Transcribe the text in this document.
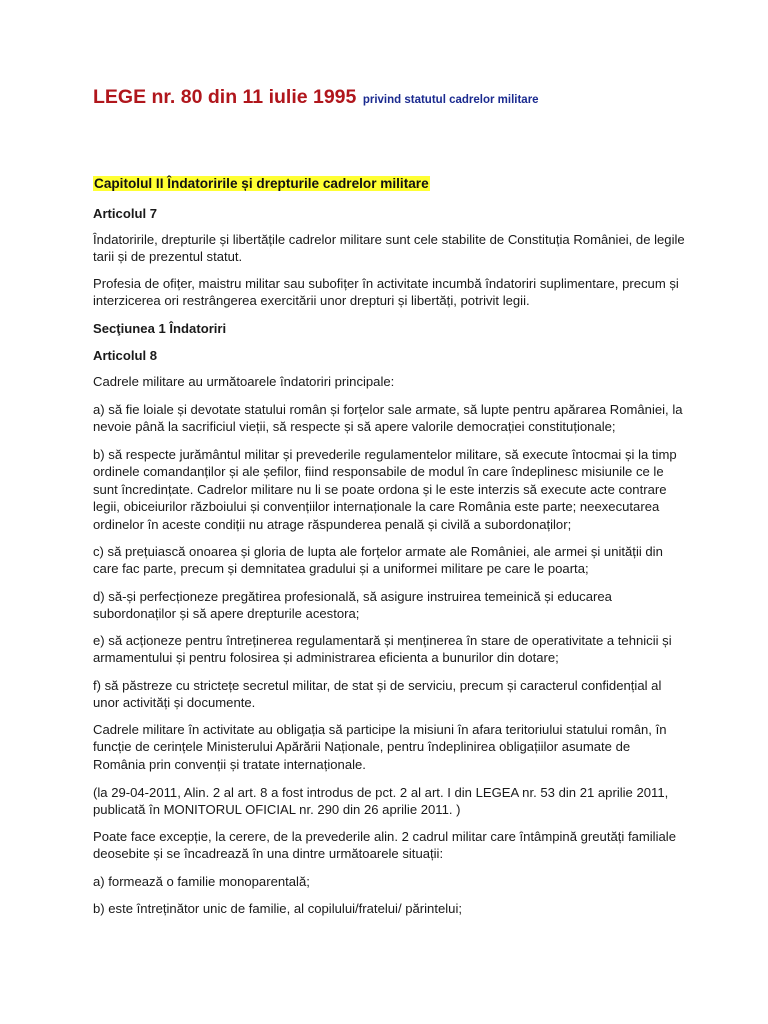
LEGE nr. 80 din 11 iulie 1995 privind statutul cadrelor militare
Capitolul II Îndatoririle și drepturile cadrelor militare

Articolul 7

Îndatoririle, drepturile și libertățile cadrelor militare sunt cele stabilite de Constituția României, de legile tarii și de prezentul statut.

Profesia de ofițer, maistru militar sau subofițer în activitate incumbă îndatoriri suplimentare, precum și interzicerea ori restrângerea exercitării unor drepturi și libertăți, potrivit legii.

Secţiunea 1 Îndatoriri

Articolul 8

Cadrele militare au următoarele îndatoriri principale:

a) să fie loiale și devotate statului român și forțelor sale armate, să lupte pentru apărarea României, la nevoie până la sacrificiul vieții, să respecte și să apere valorile democrației constituționale;

b) să respecte jurământul militar și prevederile regulamentelor militare, să execute întocmai și la timp ordinele comandanților și ale șefilor, fiind responsabile de modul în care îndeplinesc misiunile ce le sunt încredințate. Cadrelor militare nu li se poate ordona și le este interzis să execute acte contrare legii, obiceiurilor războiului și convențiilor internaționale la care România este parte; neexecutarea ordinelor în aceste condiții nu atrage răspunderea penală și civilă a subordonaților;

c) să prețuiască onoarea și gloria de lupta ale forțelor armate ale României, ale armei și unității din care fac parte, precum și demnitatea gradului și a uniformei militare pe care le poarta;

d) să-și perfecționeze pregătirea profesională, să asigure instruirea temeinică și educarea subordonaților și să apere drepturile acestora;

e) să acționeze pentru întreținerea regulamentară și menținerea în stare de operativitate a tehnicii și armamentului și pentru folosirea și administrarea eficienta a bunurilor din dotare;

f) să păstreze cu strictețe secretul militar, de stat și de serviciu, precum și caracterul confidențial al unor activități și documente.

Cadrele militare în activitate au obligația să participe la misiuni în afara teritoriului statului român, în funcție de cerințele Ministerului Apărării Naționale, pentru îndeplinirea obligațiilor asumate de România prin convenții și tratate internaționale.

(la 29-04-2011, Alin. 2 al art. 8 a fost introdus de pct. 2 al art. I din LEGEA nr. 53 din 21 aprilie 2011, publicată în MONITORUL OFICIAL nr. 290 din 26 aprilie 2011. )

Poate face excepție, la cerere, de la prevederile alin. 2 cadrul militar care întâmpină greutăți familiale deosebite și se încadrează în una dintre următoarele situații:

a) formează o familie monoparentală;

b) este întreținător unic de familie, al copilului/fratelui/ părintelui;
